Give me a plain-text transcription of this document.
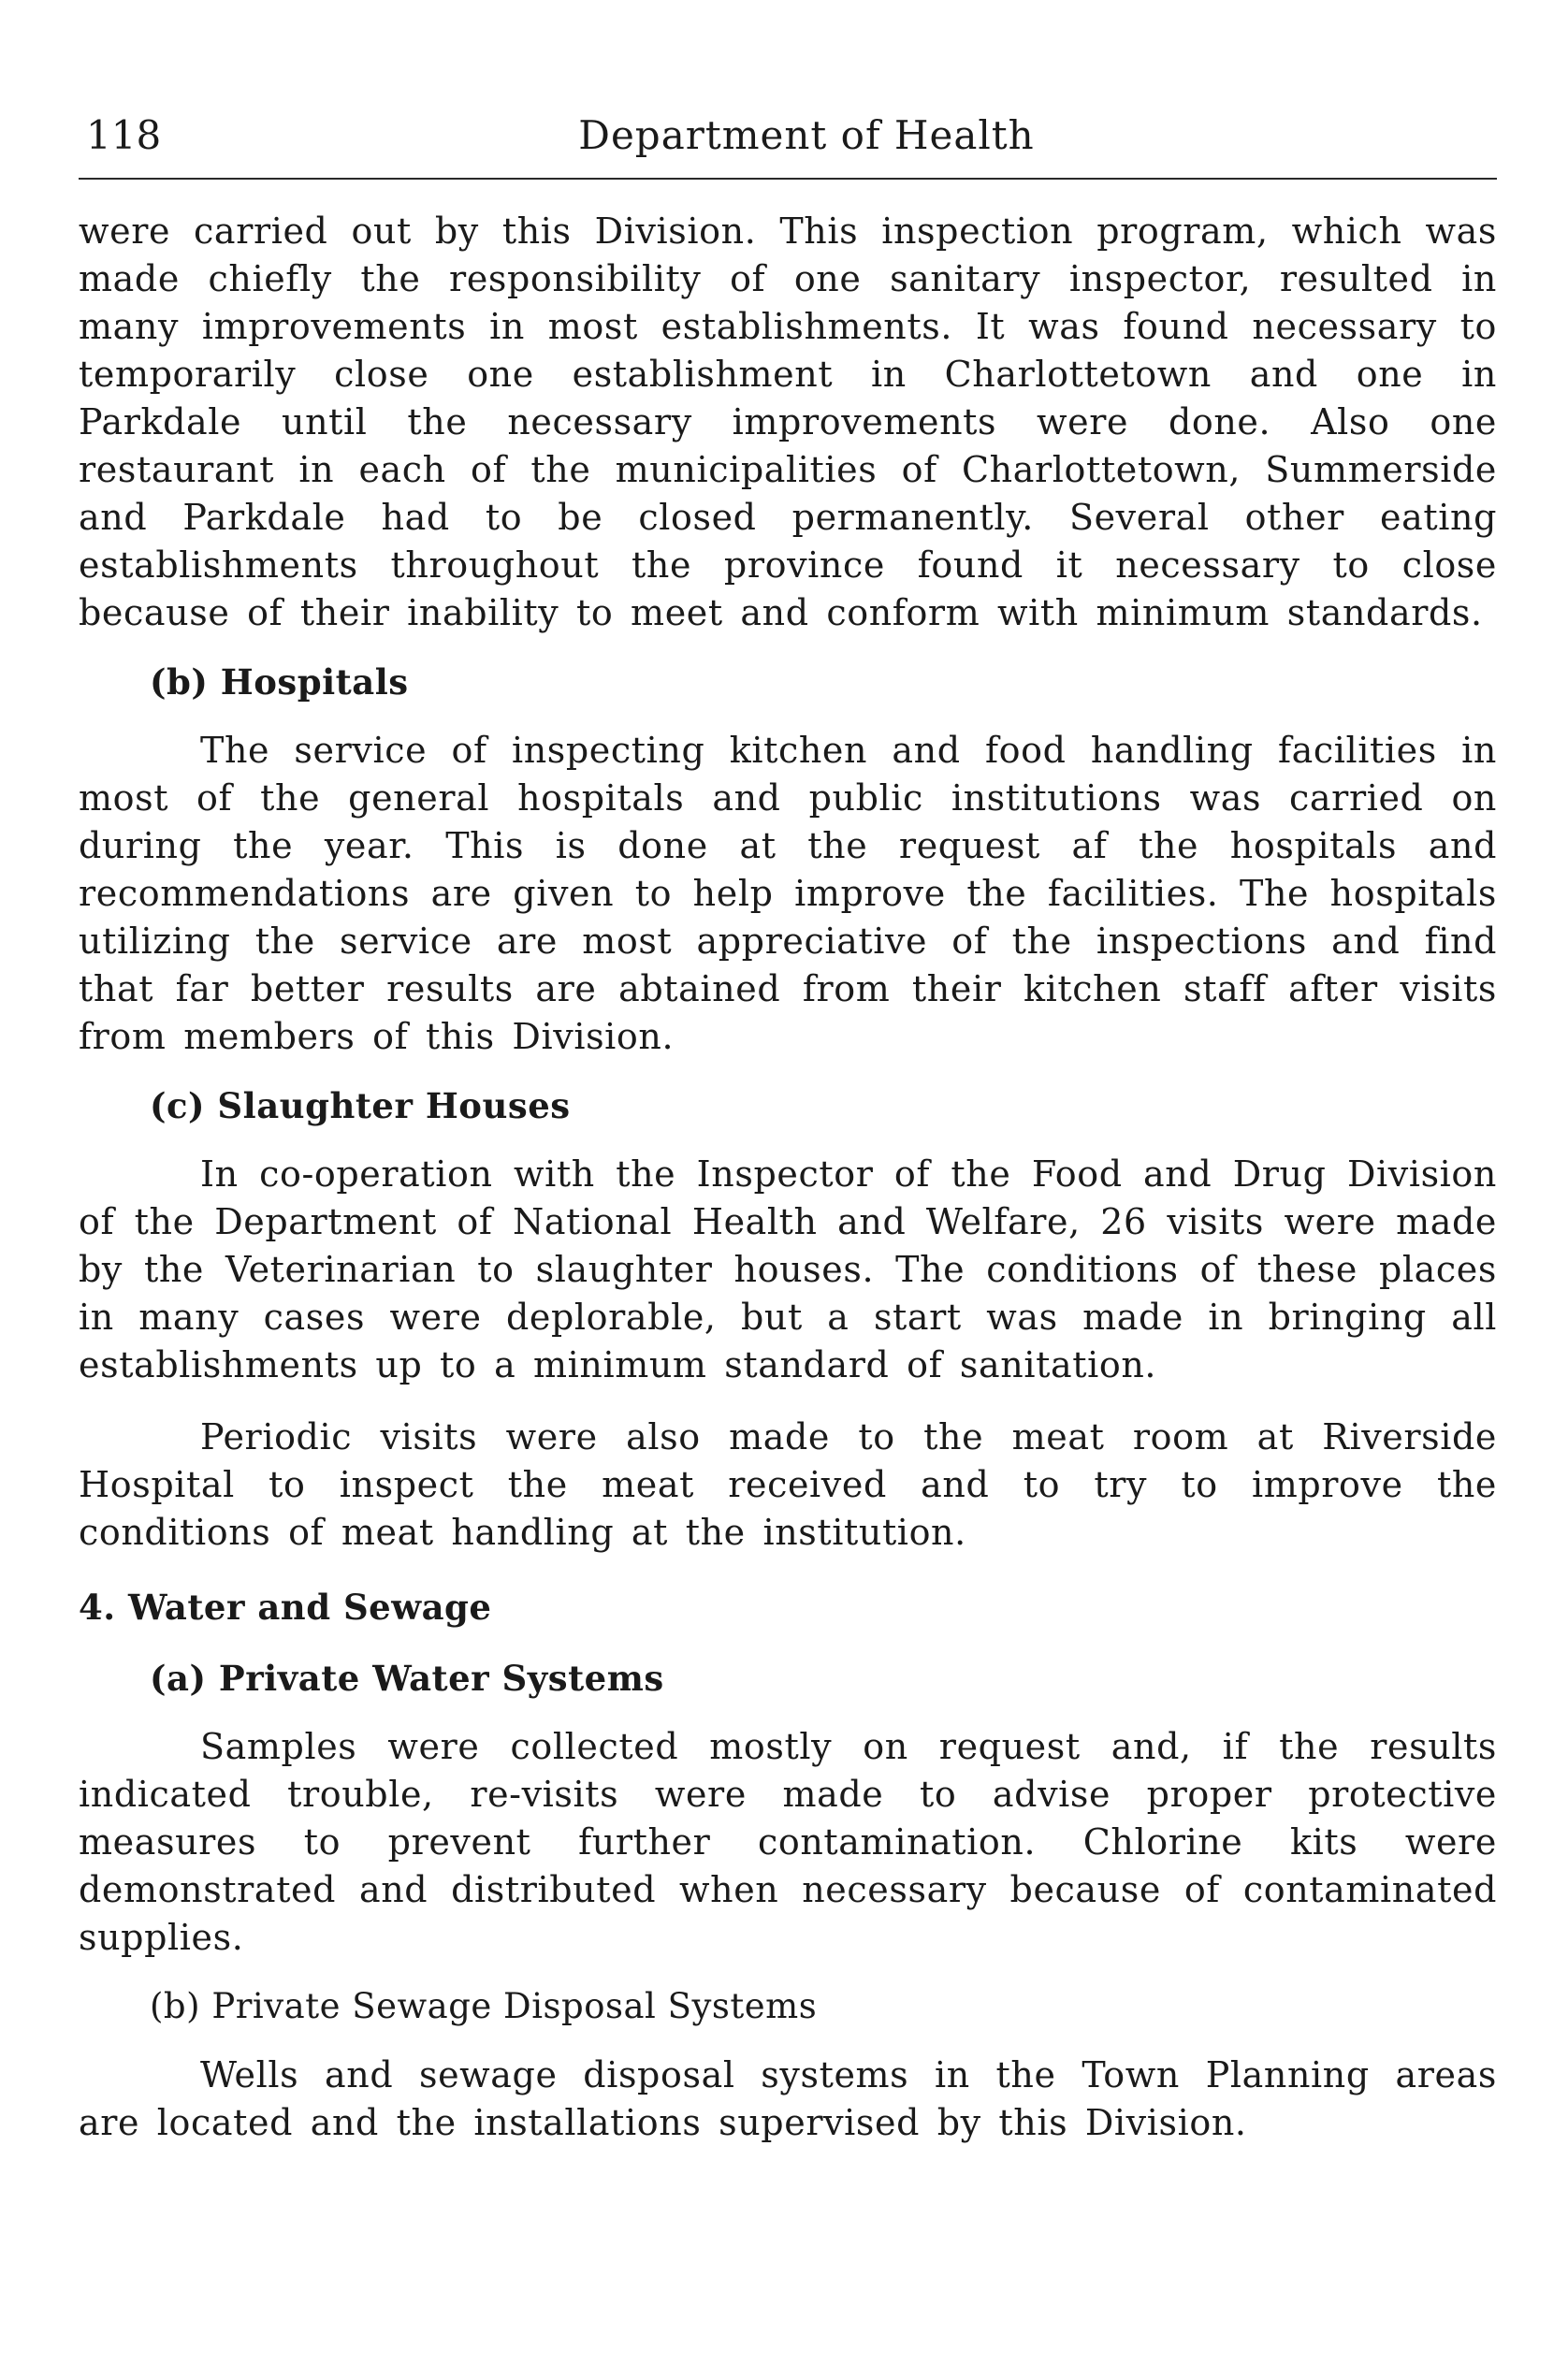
118	Department of Health

were carried out by this Division. This inspection program, which was made chiefly the responsibility of one sanitary inspector, resulted in many improvements in most establishments. It was found necessary to temporarily close one establishment in Charlottetown and one in Parkdale until the necessary improvements were done. Also one restaurant in each of the municipalities of Charlottetown, Summerside and Parkdale had to be closed permanently. Several other eating establishments throughout the province found it necessary to close because of their inability to meet and conform with minimum standards.

(b) Hospitals

The service of inspecting kitchen and food handling facilities in most of the general hospitals and public institutions was carried on during the year. This is done at the request af the hospitals and recommendations are given to help improve the facilities. The hospitals utilizing the service are most appreciative of the inspections and find that far better results are abtained from their kitchen staff after visits from members of this Division.

(c) Slaughter Houses

In co-operation with the Inspector of the Food and Drug Division of the Department of National Health and Welfare, 26 visits were made by the Veterinarian to slaughter houses. The conditions of these places in many cases were deplorable, but a start was made in bringing all establishments up to a minimum standard of sanitation.

Periodic visits were also made to the meat room at Riverside Hospital to inspect the meat received and to try to improve the conditions of meat handling at the institution.

4. Water and Sewage
(a) Private Water Systems

Samples were collected mostly on request and, if the results indicated trouble, re-visits were made to advise proper protective measures to prevent further contamination. Chlorine kits were demonstrated and distributed when necessary because of contaminated supplies.

(b) Private Sewage Disposal Systems

Wells and sewage disposal systems in the Town Planning areas are located and the installations supervised by this Division.
